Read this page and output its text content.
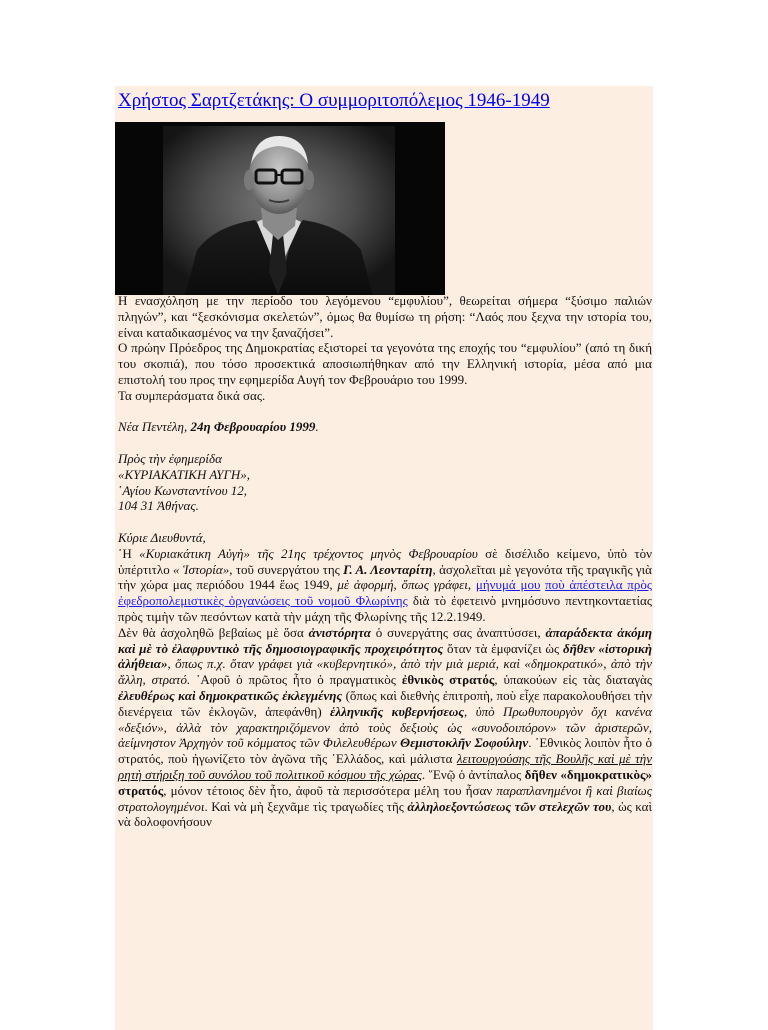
Χρήστος Σαρτζετάκης: Ο συμμοριτοπόλεμος 1946-1949

Η ενασχόληση με την περίοδο του λεγόμενου “εμφυλίου”, θεωρείται σήμερα “ξύσιμο παλιών πληγών”, και “ξεσκόνισμα σκελετών”, όμως θα θυμίσω τη ρήση: “Λαός που ξεχνα την ιστορία του, είναι καταδικασμένος να την ξαναζήσει”.

Ο πρώην Πρόεδρος της Δημοκρατίας εξιστορεί τα γεγονότα της εποχής του “εμφυλίου” (από τη δική του σκοπιά), που τόσο προσεκτικά αποσιωπήθηκαν από την Ελληνική ιστορία, μέσα από μια επιστολή του προς την εφημερίδα Αυγή τον Φεβρουάριο του 1999.

Τα συμπεράσματα δικά σας.

Νέα Πεντέλη, 24η Φεβρουαρίου 1999.

Πρὸς τὴν ἐφημερίδα

«ΚΥΡΙΑΚΑΤΙΚΗ ΑΥΓΗ»,

῾Αγίου Κωνσταντίνου 12,

104 31 Ἀθήνας.

Κύριε Διευθυντά,

῾Η «Κυριακάτικη Αὐγὴ» τῆς 21ης τρέχοντος μηνὸς Φεβρουαρίου σὲ δισέλιδο κείμενο, ὑπὸ τὸν ὑπέρτιτλο « Ἱστορία», τοῦ συνεργάτου της Γ. Α. Λεονταρίτη, ἀσχολεῖται μὲ γεγονότα τῆς τραγικῆς γιὰ τὴν χώρα μας περιόδου 1944 ἕως 1949, μὲ ἀφορμή, ὅπως γράφει, μήνυμά μου ποὺ ἀπέστειλα πρὸς ἐφεδροπολεμιστικὲς ὀργανώσεις τοῦ νομοῦ Φλωρίνης διὰ τὸ ἐφετεινὸ μνημόσυνο πεντηκονταετίας πρὸς τιμὴν τῶν πεσόντων κατὰ τὴν μάχη τῆς Φλωρίνης τῆς 12.2.1949.

Δὲν θὰ ἀσχοληθῶ βεβαίως μὲ ὅσα ἀνιστόρητα ὁ συνεργάτης σας ἀναπτύσσει, ἀπαράδεκτα ἀκόμη καὶ μὲ τὸ ἐλαφρυντικὸ τῆς δημοσιογραφικῆς προχειρότητος ὅταν τὰ ἐμφανίζει ὡς δῆθεν «ἱστορικὴ ἀλήθεια», ὅπως π.χ. ὅταν γράφει γιὰ «κυβερνητικό», ἀπὸ τὴν μιὰ μεριά, καὶ «δημοκρατικό», ἀπὸ τὴν ἄλλη, στρατό. ῾Αφοῦ ὁ πρῶτος ἦτο ὁ πραγματικὸς ἐθνικὸς στρατός, ὑπακούων εἰς τὰς διαταγὰς ἐλευθέρως καὶ δημοκρατικῶς ἐκλεγμένης (ὅπως καὶ διεθνὴς ἐπιτροπὴ, ποὺ εἶχε παρακολουθήσει τὴν διενέργεια τῶν ἐκλογῶν, ἀπεφάνθη) ἑλληνικῆς κυβερνήσεως, ὑπὸ Πρωθυπουργὸν ὄχι κανένα «δεξιόν», ἀλλὰ τὸν χαρακτηριζόμενον ἀπὸ τοὺς δεξιοὺς ὡς «συνοδοιπόρον» τῶν ἀριστερῶν, ἀείμνηστον Ἀρχηγὸν τοῦ κόμματος τῶν Φιλελευθέρων Θεμιστοκλῆν Σοφούλην. ῾Εθνικὸς λοιπὸν ἦτο ὁ στρατός, ποὺ ἠγωνίζετο τὸν ἀγῶνα τῆς ῾Ελλάδος, καὶ μάλιστα λειτουργούσης τῆς Βουλῆς καὶ μὲ τὴν ρητὴ στήριξη τοῦ συνόλου τοῦ πολιτικοῦ κόσμου τῆς χώρας. ῞Ενῷ ὁ ἀντίπαλος δῆθεν «δημοκρατικὸς» στρατός, μόνον τέτοιος δὲν ἦτο, ἀφοῦ τὰ περισσότερα μέλη του ἦσαν παραπλανημένοι ἢ καὶ βιαίως στρατολογημένοι. Καὶ νὰ μὴ ξεχνᾶμε τὶς τραγωδίες τῆς ἀλληλοεξοντώσεως τῶν στελεχῶν του, ὡς καὶ νὰ δολοφονήσουν
